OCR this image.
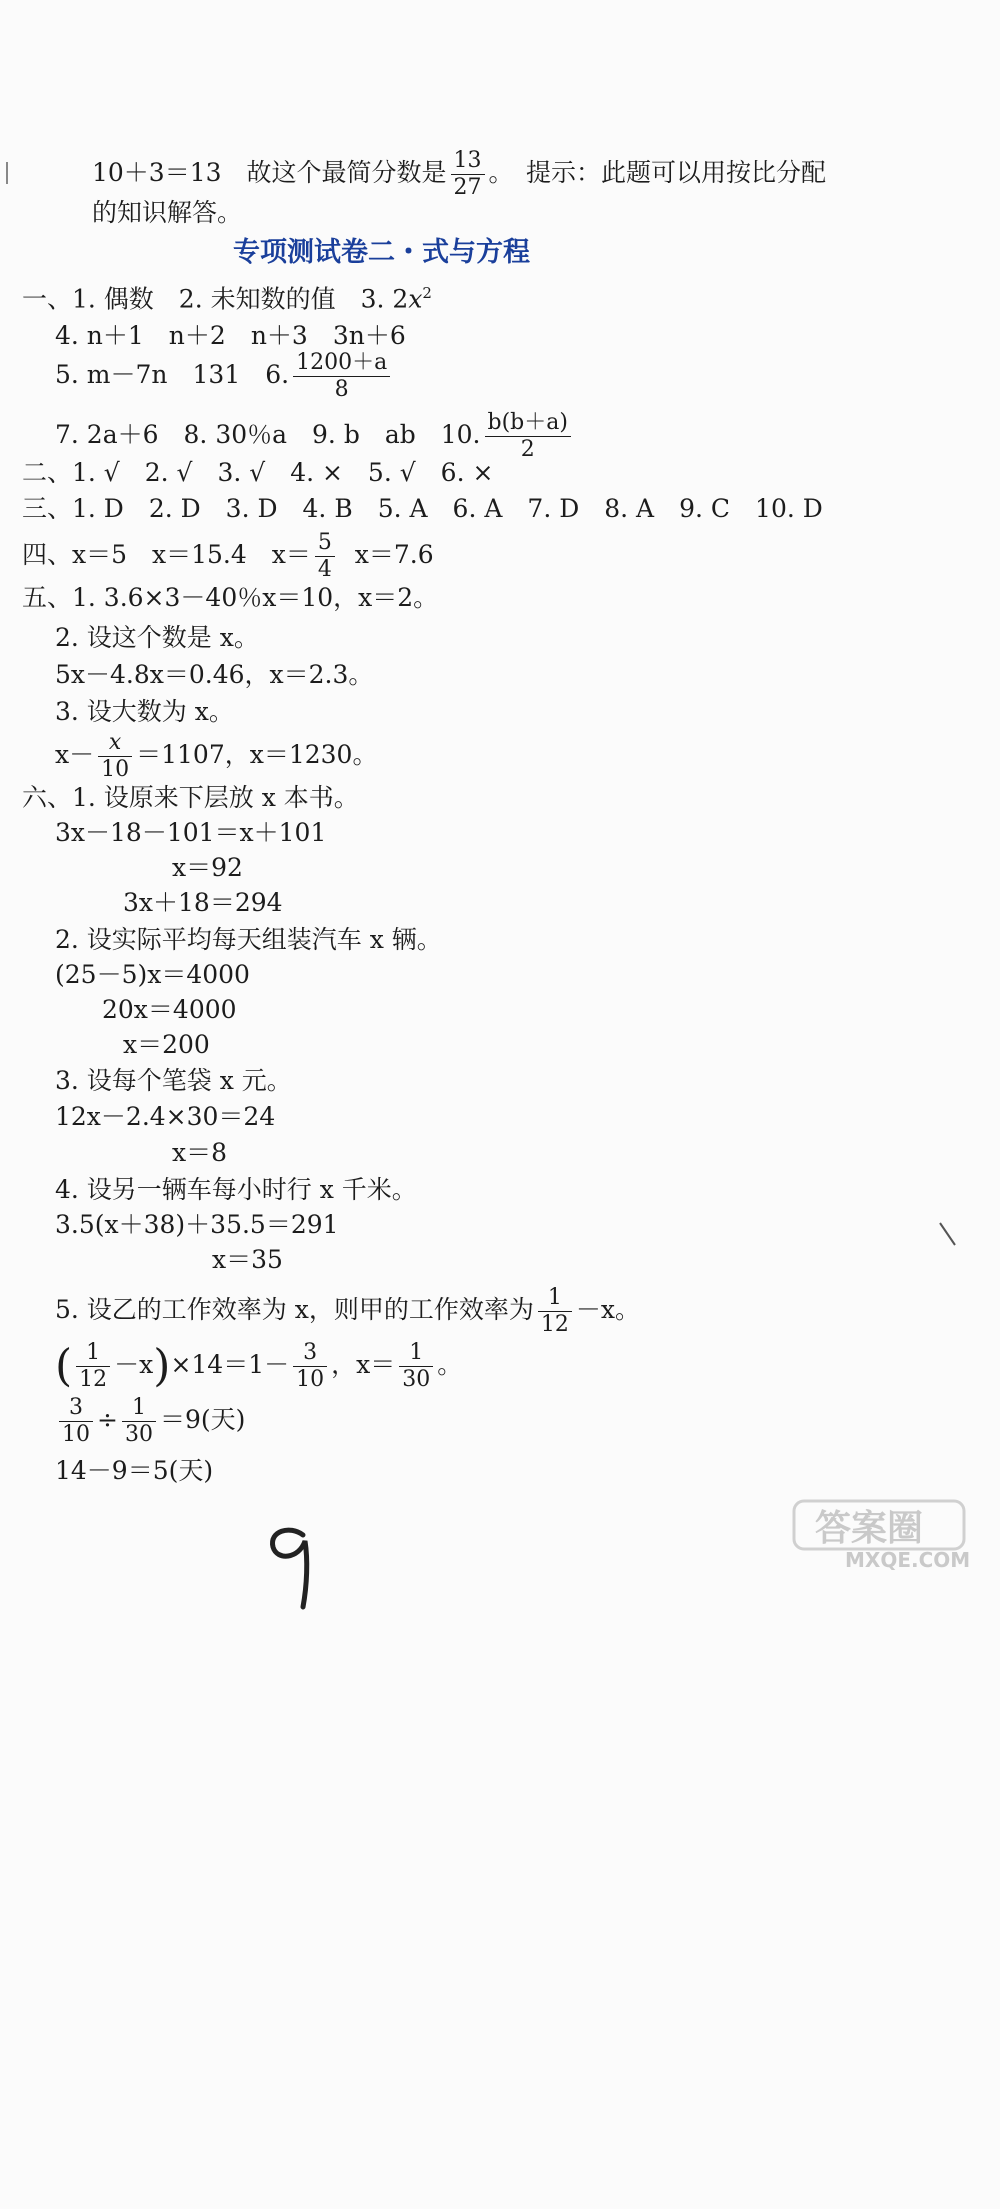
10＋3＝13　故这个最简分数是 $\frac{13}{27}$ 。　提示：此题可以用按比分配
的知识解答。
专项测试卷二・式与方程
一、1. 偶数　2. 未知数的值　3. $2x^2$
4. n＋1　n＋2　n＋3　3n＋6
5. m－7n　131　6. $\frac{1200+a}{8}$
7. 2a＋6　8. 30％a　9. b　ab　10. $\frac{b(b+a)}{2}$
二、1. √　2. √　3. √　4. ×　5. √　6. ×
三、1. D　2. D　3. D　4. B　5. A　6. A　7. D　8. A　9. C　10. D
四、x＝5　x＝15.4　$x= \frac{5}{4} x=7.6$
五、1. 3.6×3－40％x＝10，x＝2。
2. 设这个数是 x。
5x－4.8x＝0.46，x＝2.3。
3. 设大数为 x。
$x- \frac{x}{10} =1107$，x＝1230。
六、1. 设原来下层放 x 本书。
3x－18－101＝x＋101
x＝92
3x＋18＝294
2. 设实际平均每天组装汽车 x 辆。
(25－5)x＝4000
20x＝4000
x＝200
3. 设每个笔袋 x 元。
12x－2.4×30＝24
x＝8
4. 设另一辆车每小时行 x 千米。
3.5(x＋38)＋35.5＝291
x＝35
5. 设乙的工作效率为 x，则甲的工作效率为 $\frac{1}{12} -x$。
( $\frac{1}{12} -x)\times 14=1- \frac{3}{10}$ ，$x= \frac{1}{30}$ 。
$\frac{3}{10} \div \frac{1}{30} =9$(天)
14－9＝5(天)
答案圈
MXQE.COM
